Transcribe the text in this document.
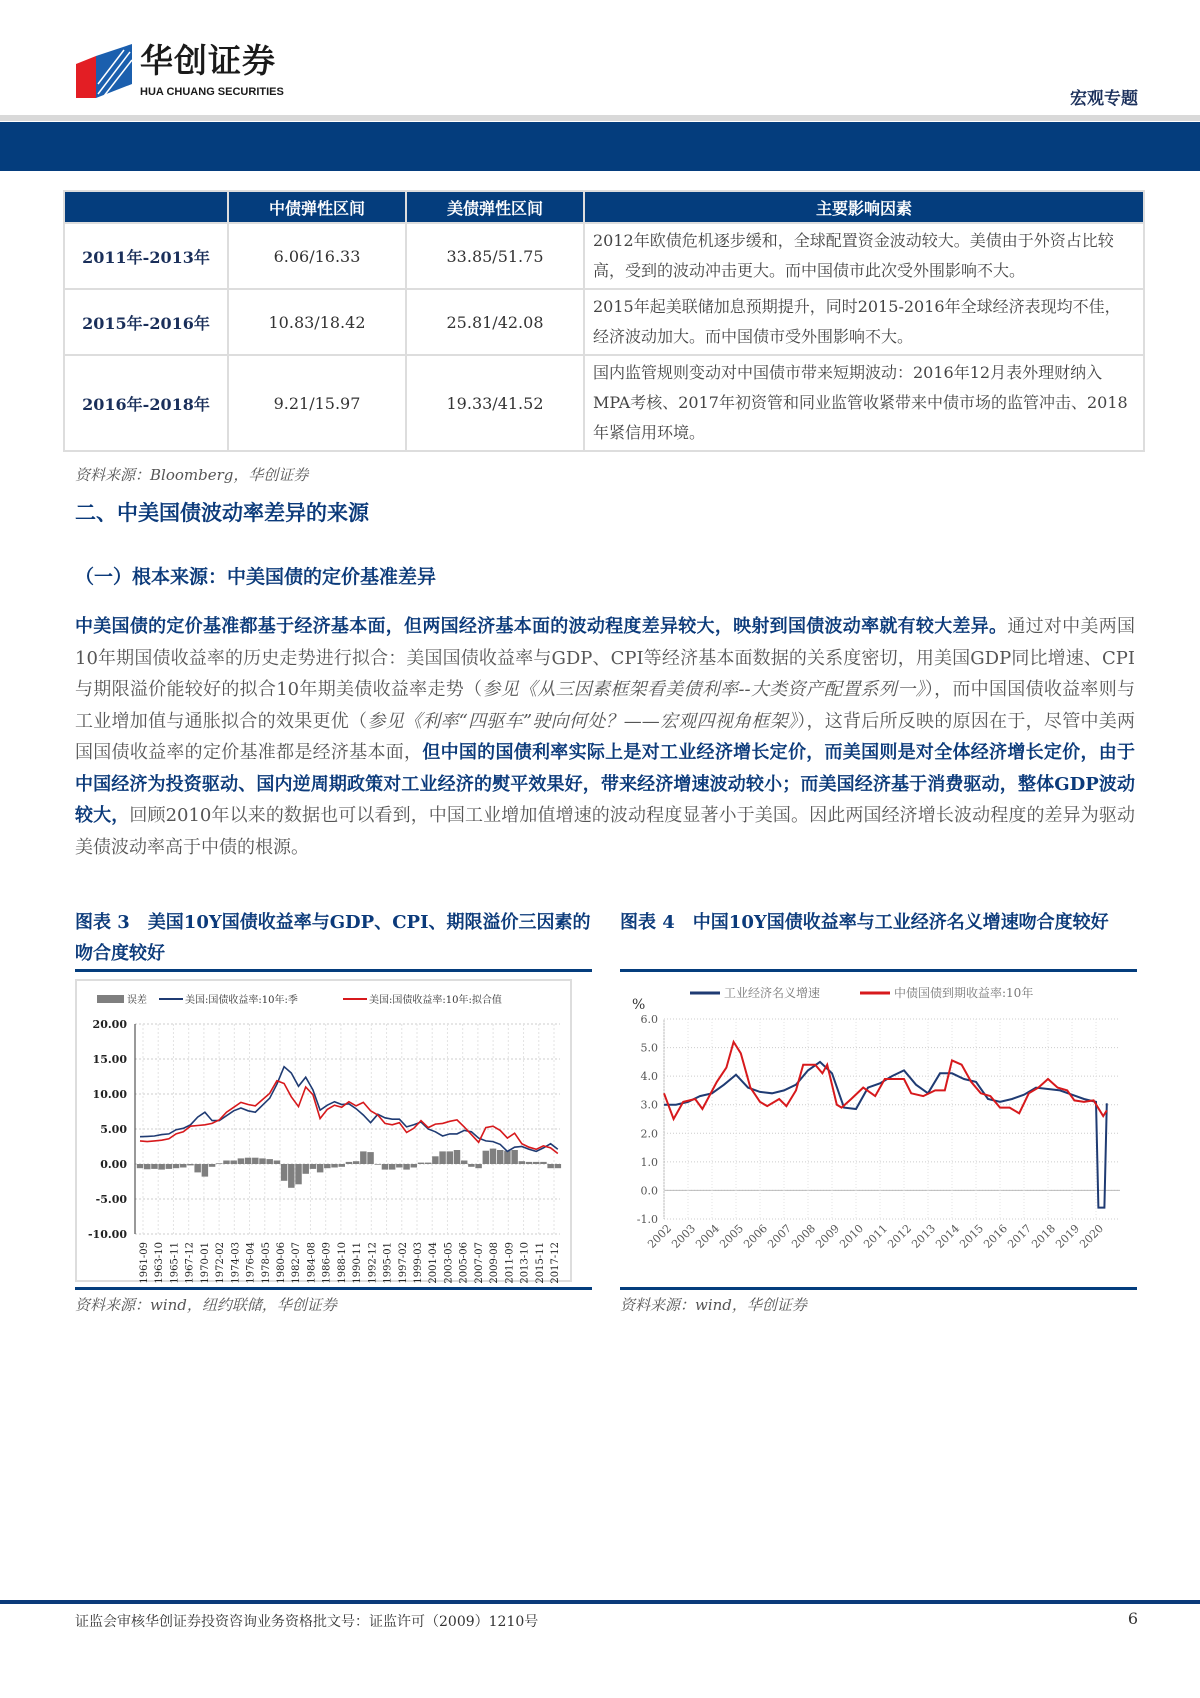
华创证券
HUA CHUANG SECURITIES	宏观专题
	中债弹性区间	美债弹性区间	主要影响因素
2011年-2013年	6.06/16.33	33.85/51.75	2012年欧债危机逐步缓和，全球配置资金波动较大。美债由于外资占比较高，受到的波动冲击更大。而中国债市此次受外围影响不大。
2015年-2016年	10.83/18.42	25.81/42.08	2015年起美联储加息预期提升，同时2015-2016年全球经济表现均不佳，经济波动加大。而中国债市受外围影响不大。
2016年-2018年	9.21/15.97	19.33/41.52	国内监管规则变动对中国债市带来短期波动：2016年12月表外理财纳入MPA考核、2017年初资管和同业监管收紧带来中债市场的监管冲击、2018年紧信用环境。
资料来源：Bloomberg，华创证券
二、中美国债波动率差异的来源
（一）根本来源：中美国债的定价基准差异
中美国债的定价基准都基于经济基本面，但两国经济基本面的波动程度差异较大，映射到国债波动率就有较大差异。通过对中美两国10年期国债收益率的历史走势进行拟合：美国国债收益率与GDP、CPI等经济基本面数据的关系度密切，用美国GDP同比增速、CPI与期限溢价能较好的拟合10年期美债收益率走势（参见《从三因素框架看美债利率--大类资产配置系列一》），而中国国债收益率则与工业增加值与通胀拟合的效果更优（参见《利率“四驱车”驶向何处？——宏观四视角框架》），这背后所反映的原因在于，尽管中美两国国债收益率的定价基准都是经济基本面，但中国的国债利率实际上是对工业经济增长定价，而美国则是对全体经济增长定价，由于中国经济为投资驱动、国内逆周期政策对工业经济的熨平效果好，带来经济增速波动较小；而美国经济基于消费驱动，整体GDP波动较大，回顾2010年以来的数据也可以看到，中国工业增加值增速的波动程度显著小于美国。因此两国经济增长波动程度的差异为驱动美债波动率高于中债的根源。
图表 3　美国10Y国债收益率与GDP、CPI、期限溢价三因素的吻合度较好
误差	美国:国债收益率:10年:季	美国:国债收益率:10年:拟合值
20.00
15.00
10.00
5.00
0.00
-5.00
-10.00
1961-09 1963-10 1965-11 1967-12 1970-01 1972-02 1974-03 1976-04 1978-05 1980-06 1982-07 1984-08 1986-09 1988-10 1990-11 1992-12 1995-01 1997-02 1999-03 2001-04 2003-05 2005-06 2007-07 2009-08 2011-09 2013-10 2015-11 2017-12
资料来源：wind，纽约联储，华创证券
图表 4　中国10Y国债收益率与工业经济名义增速吻合度较好
%
工业经济名义增速	中债国债到期收益率:10年
6.0
5.0
4.0
3.0
2.0
1.0
0.0
-1.0
2002
2003
2004
2005
2006
2007
2008
2009
2010
2011
2012
2013
2014
2015
2016
2017
2018
2019
2020
资料来源：wind，华创证券
证监会审核华创证券投资咨询业务资格批文号：证监许可（2009）1210号	6
